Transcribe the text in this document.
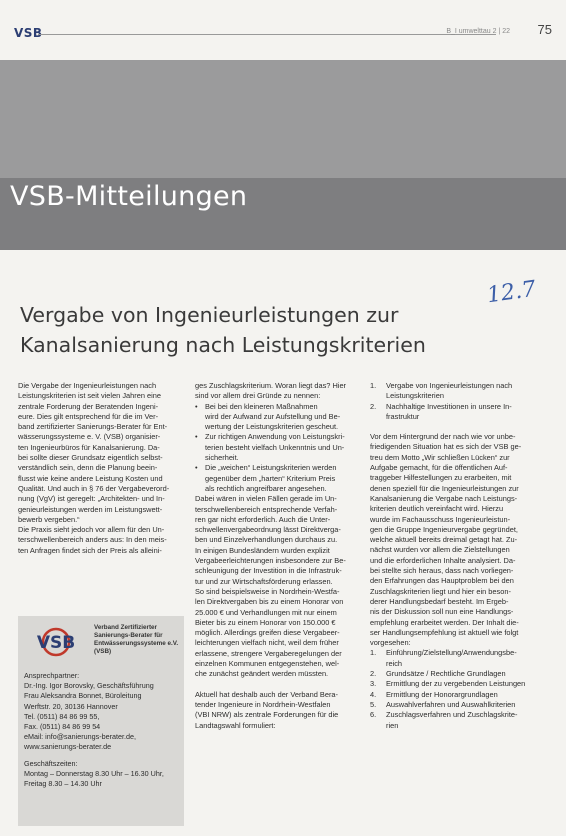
VSB	B_I umwelttau 2 | 22 75
VSB-Mitteilungen
Vergabe von Ingenieurleistungen zur
Kanalsanierung nach Leistungskriterien
12.7
Die Vergabe der Ingenieurleistungen nach
Leistungskriterien ist seit vielen Jahren eine
zentrale Forderung der Beratenden Ingeni-
eure. Dies gilt entsprechend für die im Ver-
band zertifizierter Sanierungs-Berater für Ent-
wässerungssysteme e. V. (VSB) organisier-
ten Ingenieurbüros für Kanalsanierung. Da-
bei sollte dieser Grundsatz eigentlich selbst-
verständlich sein, denn die Planung beein-
flusst wie keine andere Leistung Kosten und
Qualität. Und auch in § 76 der Vergabeverord-
nung (VgV) ist geregelt: „Architekten- und In-
genieurleistungen werden im Leistungswett-
bewerb vergeben.“
Die Praxis sieht jedoch vor allem für den Un-
terschwellenbereich anders aus: In den meis-
ten Anfragen findet sich der Preis als alleini-
ges Zuschlagskriterium. Woran liegt das? Hier
sind vor allem drei Gründe zu nennen:
• Bei bei den kleineren Maßnahmen
wird der Aufwand zur Aufstellung und Be-
wertung der Leistungskriterien gescheut.
• Zur richtigen Anwendung von Leistungskri-
terien besteht vielfach Unkenntnis und Un-
sicherheit.
• Die „weichen“ Leistungskriterien werden
gegenüber dem „harten“ Kriterium Preis
als rechtlich angreifbarer angesehen.
Dabei wären in vielen Fällen gerade im Un-
terschwellenbereich entsprechende Verfah-
ren gar nicht erforderlich. Auch die Unter-
schwellenvergabeordnung lässt Direktverga-
ben und Einzelverhandlungen durchaus zu.
In einigen Bundesländern wurden explizit
Vergabeerleichterungen insbesondere zur Be-
schleunigung der Investition in die Infrastruk-
tur und zur Wirtschaftsförderung erlassen.
So sind beispielsweise in Nordrhein-Westfa-
len Direktvergaben bis zu einem Honorar von
25.000 € und Verhandlungen mit nur einem
Bieter bis zu einem Honorar von 150.000 €
möglich. Allerdings greifen diese Vergabeer-
leichterungen vielfach nicht, weil dem früher
erlassene, strengere Vergaberegelungen der
einzelnen Kommunen entgegenstehen, wel-
che zunächst geändert werden müssten.
Aktuell hat deshalb auch der Verband Bera-
tender Ingenieure in Nordrhein-Westfalen
(VBI NRW) als zentrale Forderungen für die
Landtagswahl formuliert:
1. Vergabe von Ingenieurleistungen nach
Leistungskriterien
2. Nachhaltige Investitionen in unsere In-
frastruktur
Vor dem Hintergrund der nach wie vor unbe-
friedigenden Situation hat es sich der VSB ge-
treu dem Motto „Wir schließen Lücken“ zur
Aufgabe gemacht, für die öffentlichen Auf-
traggeber Hilfestellungen zu erarbeiten, mit
denen speziell für die Ingenieurleistungen zur
Kanalsanierung die Vergabe nach Leistungs-
kriterien deutlich vereinfacht wird. Hierzu
wurde im Fachausschuss Ingenieurleistun-
gen die Gruppe Ingenieurvergabe gegründet,
welche aktuell bereits dreimal getagt hat. Zu-
nächst wurden vor allem die Zielstellungen
und die erforderlichen Inhalte analysiert. Da-
bei stellte sich heraus, dass nach vorliegen-
den Erfahrungen das Hauptproblem bei den
Zuschlagskriterien liegt und hier ein beson-
derer Handlungsbedarf besteht. Im Ergeb-
nis der Diskussion soll nun eine Handlungs-
empfehlung erarbeitet werden. Der Inhalt die-
ser Handlungsempfehlung ist aktuell wie folgt
vorgesehen:
1. Einführung/Zielstellung/Anwendungsbe-
reich
2. Grundsätze / Rechtliche Grundlagen
3. Ermittlung der zu vergebenden Leistungen
4. Ermittlung der Honorargrundlagen
5. Auswahlverfahren und Auswahlkriterien
6. Zuschlagsverfahren und Zuschlagskrite-
rien
VSB
Verband Zertifizierter
Sanierungs-Berater für
Entwässerungssysteme e.V.
(VSB)
Ansprechpartner:
Dr.-Ing. Igor Borovsky, Geschäftsführung
Frau Aleksandra Bonnet, Büroleitung
Werftstr. 20, 30136 Hannover
Tel. (0511) 84 86 99 55,
Fax. (0511) 84 86 99 54
eMail: info@sanierungs-berater.de,
www.sanierungs-berater.de
Geschäftszeiten:
Montag – Donnerstag 8.30 Uhr – 16.30 Uhr,
Freitag 8.30 – 14.30 Uhr
